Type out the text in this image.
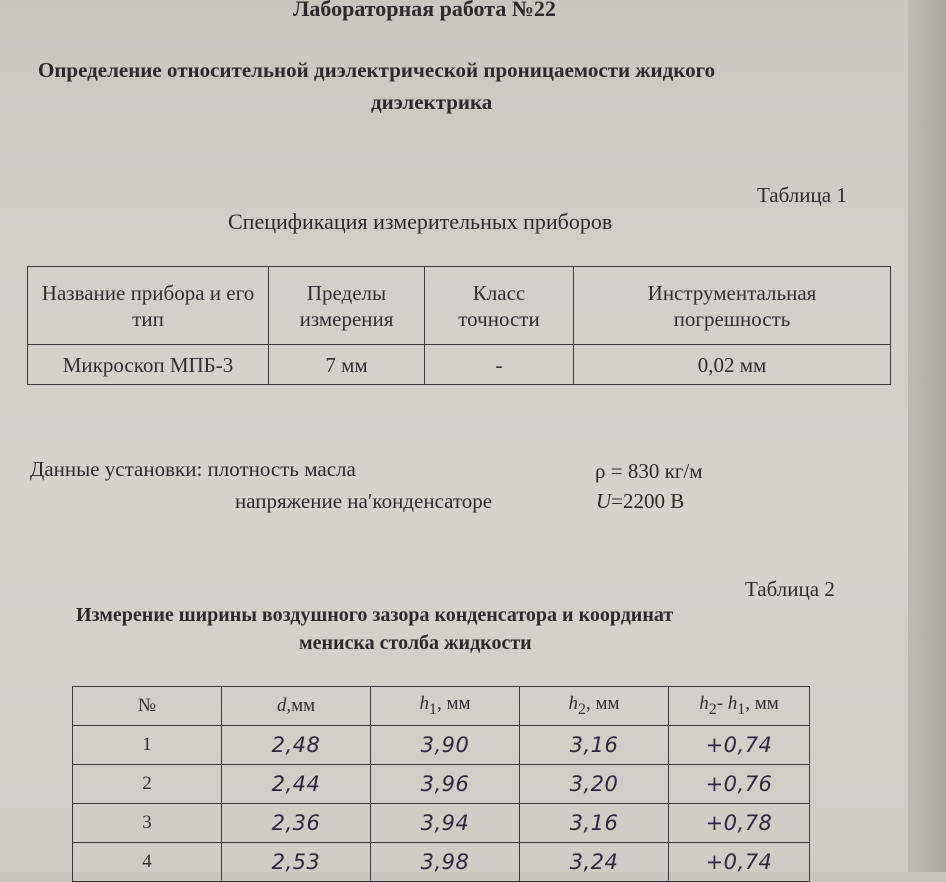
Лабораторная работа №22
Определение относительной диэлектрической проницаемости жидкого
диэлектрика
Таблица 1
Спецификация измерительных приборов
Название прибора и его тип	Пределы измерения	Класс точности	Инструментальная погрешность

Микроскоп МПБ-3	7 мм	-	0,02 мм
Данные установки: плотность масла	ρ = 830 кг/м
напряжение наʹконденсаторе	U=2200 В
Таблица 2
Измерение ширины воздушного зазора конденсатора и координат
мениска столба жидкости
№	d,мм	$h_1$, мм	$h_2$, мм	$h_2-$ $h_1$, мм
1	2,48	3,90	3,16	+0,74
2	2,44	3,96	3,20	+0,76
3	2,36	3,94	3,16	+0,78
4	2,53	3,98	3,24	+0,74
